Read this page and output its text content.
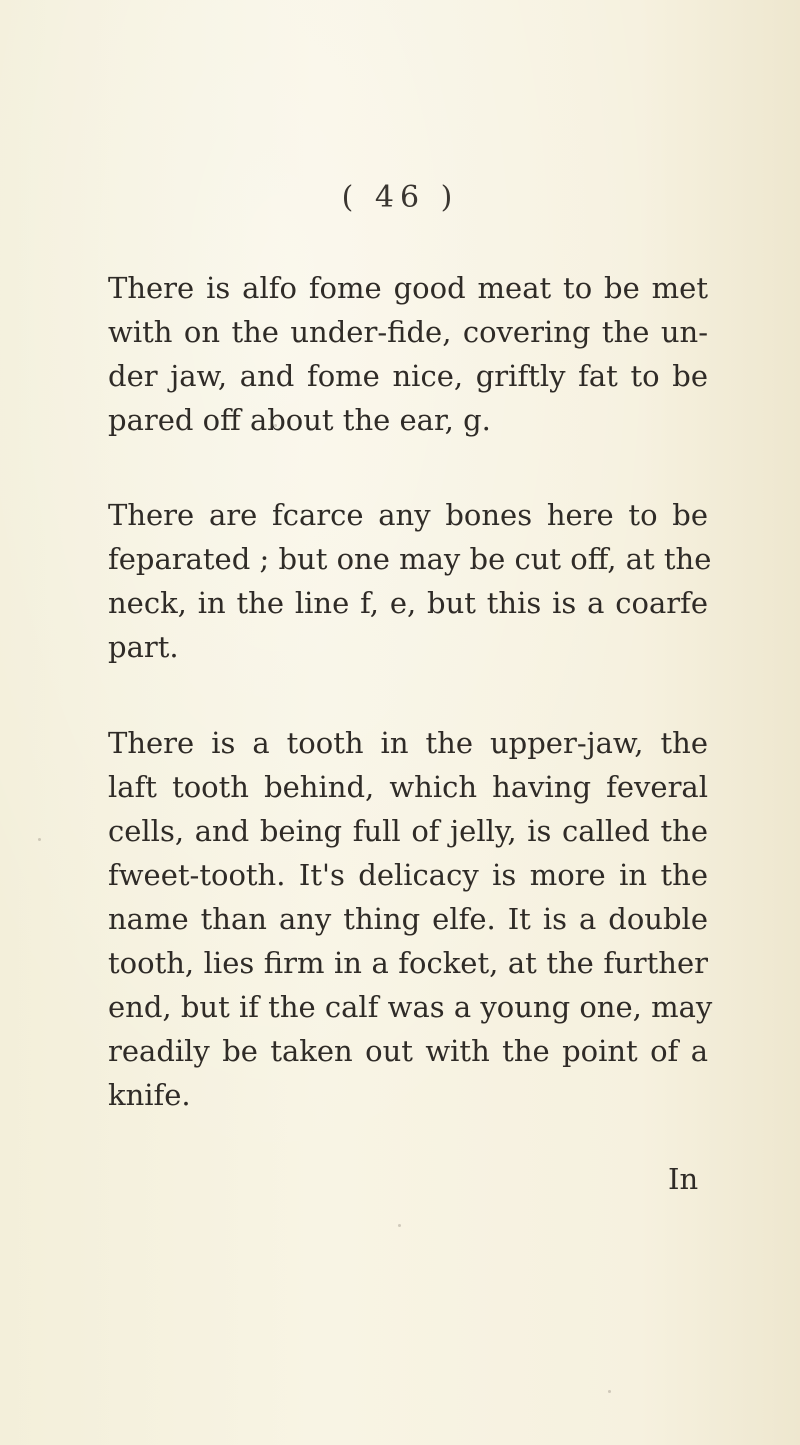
( 46 )
There is alfo fome good meat to be met
with on the under-fide, covering the un-
der jaw, and fome nice, griftly fat to be
pared off about the ear, g.
There are fcarce any bones here to be
feparated ; but one may be cut off, at the
neck, in the line f, e, but this is a coarfe
part.
There is a tooth in the upper-jaw, the
laft tooth behind, which having feveral
cells, and being full of jelly, is called the
fweet-tooth. It's delicacy is more in the
name than any thing elfe. It is a double
tooth, lies firm in a focket, at the further
end, but if the calf was a young one, may
readily be taken out with the point of a
knife.
In
